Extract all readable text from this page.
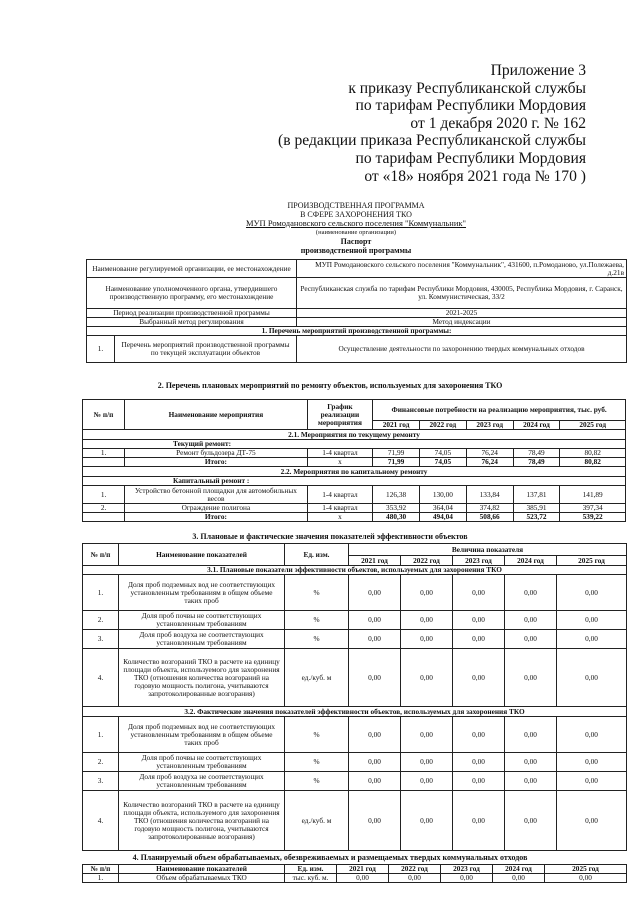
Приложение 3
к приказу Республиканской службы
по тарифам Республики Мордовия
от 1 декабря 2020 г. № 162
(в редакции приказа Республиканской службы
по тарифам Республики Мордовия
от «18» ноября 2021 года № 170 )
ПРОИЗВОДСТВЕННАЯ ПРОГРАММА
В СФЕРЕ ЗАХОРОНЕНИЯ ТКО
МУП Ромодановского сельского поселения "Коммунальник"
(наименование организации)
Паспорт
производственной программы
Наименование регулируемой организации, ее местонахождение		МУП Ромодановского сельского поселения "Коммунальник", 431600, п.Ромоданово, ул.Полежаева, д.21в
Наименование уполномоченного органа, утвердившего производственную программу, его местонахождение		Республиканская служба по тарифам Республики Мордовия, 430005, Республика Мордовия, г. Саранск, ул. Коммунистическая, 33/2
Период реализации производственной программы		2021-2025
Выбранный метод регулирования		Метод индексации
1. Перечень мероприятий производственной программы:		
1.	Перечень мероприятий производственной программы по текущей эксплуатации объектов	Осуществление деятельности по захоронению твердых коммунальных отходов
2. Перечень плановых мероприятий по ремонту объектов, используемых для захоронения ТКО
№ п/п	Наименование мероприятия	График реализации мероприятия	Финансовые потребности на реализацию мероприятия, тыс. руб.				
			2021 год	2022 год	2023 год	2024 год	2025 год
2.1. Мероприятия по текущему ремонту							
Текущий ремонт:							
1.	Ремонт бульдозера ДТ-75	1-4 квартал	71,99	74,05	76,24	78,49	80,82
	Итого:	x	71,99	74,05	76,24	78,49	80,82
2.2. Мероприятия по капитальному ремонту							
Капитальный ремонт :							
1.	Устройство бетонной площадки для автомобильных весов	1-4 квартал	126,38	130,00	133,84	137,81	141,89
2.	Ограждение полигона	1-4 квартал	353,92	364,04	374,82	385,91	397,34
	Итого:	x	480,30	494,04	508,66	523,72	539,22
3. Плановые и фактические значения показателей эффективности объектов
№ п/п	Наименование показателей	Ед. изм.	Величина показателя				
			2021 год	2022 год	2023 год	2024 год	2025 год
3.1. Плановые показатели эффективности объектов, используемых для захоронения ТКО							
1.	Доля проб подземных вод не соответствующих установленным требованиям в общем объеме таких проб	%	0,00	0,00	0,00	0,00	0,00
2.	Доля проб почвы не соответствующих установленным требованиям	%	0,00	0,00	0,00	0,00	0,00
3.	Доля проб воздуха не соответствующих установленным требованиям	%	0,00	0,00	0,00	0,00	0,00
4.	Количество возгораний ТКО в расчете на единицу площади объекта, используемого для захоронения ТКО (отношения количества возгораний на годовую мощность полигона, учитываются запротоколированные возгорания)	ед./куб. м	0,00	0,00	0,00	0,00	0,00
3.2. Фактические значения показателей эффективности объектов, используемых для захоронения ТКО							
1.	Доля проб подземных вод не соответствующих установленным требованиям в общем объеме таких проб	%	0,00	0,00	0,00	0,00	0,00
2.	Доля проб почвы не соответствующих установленным требованиям	%	0,00	0,00	0,00	0,00	0,00
3.	Доля проб воздуха не соответствующих установленным требованиям	%	0,00	0,00	0,00	0,00	0,00
4.	Количество возгораний ТКО в расчете на единицу площади объекта, используемого для захоронения ТКО (отношения количества возгораний на годовую мощность полигона, учитываются запротоколированные возгорания)	ед./куб. м	0,00	0,00	0,00	0,00	0,00
4. Планируемый объем обрабатываемых, обезвреживаемых и размещаемых твердых коммунальных отходов
№ п/п	Наименование показателей	Ед. изм.	2021 год	2022 год	2023 год	2024 год	2025 год
1.	Объем обрабатываемых ТКО	тыс. куб. м.	0,00	0,00	0,00	0,00	0,00
